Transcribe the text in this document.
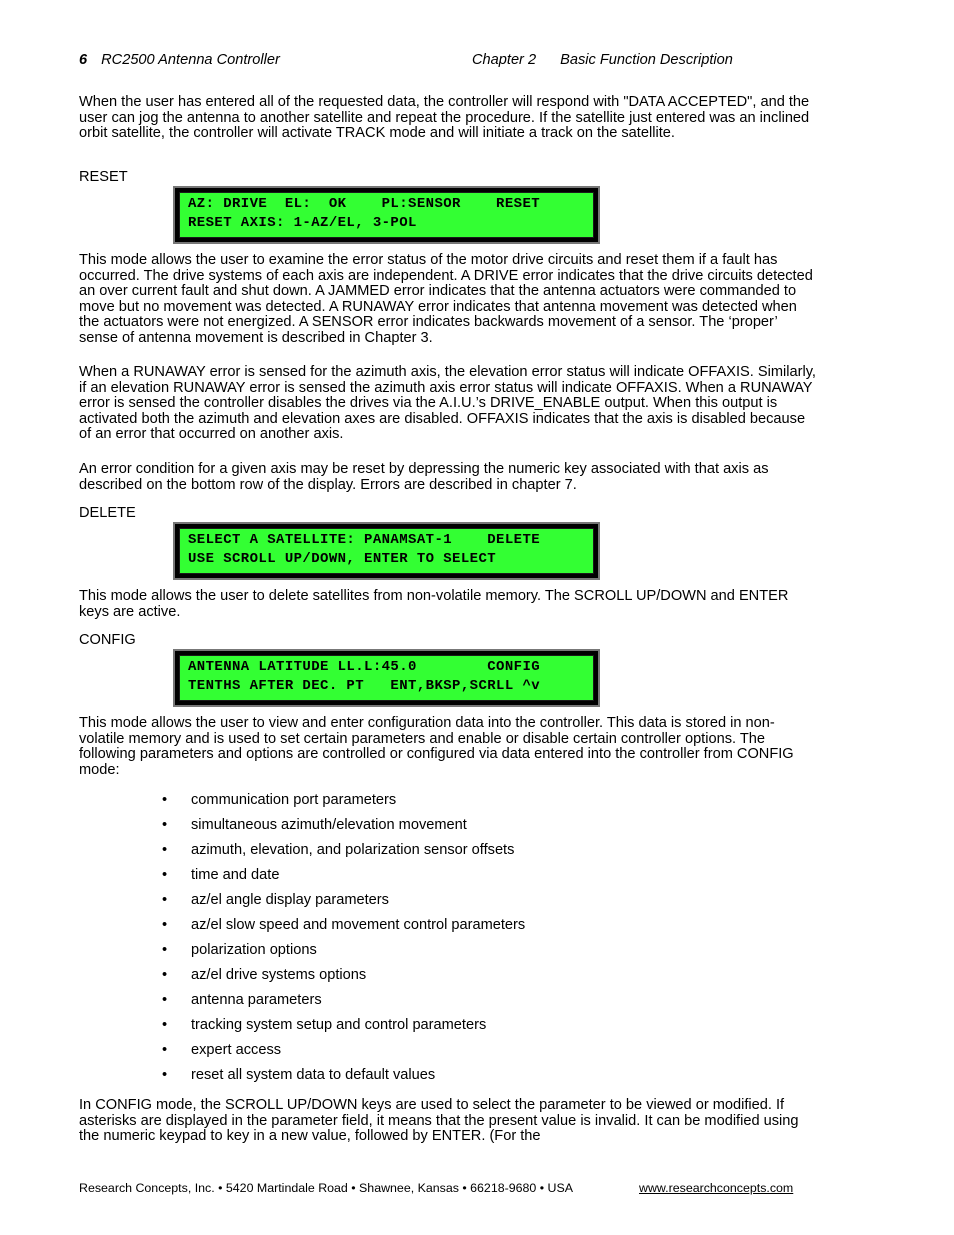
6 RC2500 Antenna Controller	Chapter 2 Basic Function Description

When the user has entered all of the requested data, the controller will respond with "DATA ACCEPTED", and the user can jog the antenna to another satellite and repeat the procedure. If the satellite just entered was an inclined orbit satellite, the controller will activate TRACK mode and will initiate a track on the satellite.

RESET

AZ: DRIVE  EL:  OK    PL:SENSOR    RESET
RESET AXIS: 1-AZ/EL, 3-POL

This mode allows the user to examine the error status of the motor drive circuits and reset them if a fault has occurred. The drive systems of each axis are independent. A DRIVE error indicates that the drive circuits detected an over current fault and shut down. A JAMMED error indicates that the antenna actuators were commanded to move but no movement was detected. A RUNAWAY error indicates that antenna movement was detected when the actuators were not energized. A SENSOR error indicates backwards movement of a sensor. The ‘proper’ sense of antenna movement is described in Chapter 3.

When a RUNAWAY error is sensed for the azimuth axis, the elevation error status will indicate OFFAXIS. Similarly, if an elevation RUNAWAY error is sensed the azimuth axis error status will indicate OFFAXIS. When a RUNAWAY error is sensed the controller disables the drives via the A.I.U.’s DRIVE_ENABLE output. When this output is activated both the azimuth and elevation axes are disabled. OFFAXIS indicates that the axis is disabled because of an error that occurred on another axis.

An error condition for a given axis may be reset by depressing the numeric key associated with that axis as described on the bottom row of the display. Errors are described in chapter 7.

DELETE

SELECT A SATELLITE: PANAMSAT-1    DELETE
USE SCROLL UP/DOWN, ENTER TO SELECT

This mode allows the user to delete satellites from non-volatile memory. The SCROLL UP/DOWN and ENTER keys are active.

CONFIG

ANTENNA LATITUDE LL.L:45.0        CONFIG
TENTHS AFTER DEC. PT   ENT,BKSP,SCRLL ^v

This mode allows the user to view and enter configuration data into the controller. This data is stored in non-volatile memory and is used to set certain parameters and enable or disable certain controller options. The following parameters and options are controlled or configured via data entered into the controller from CONFIG mode:

• communication port parameters
• simultaneous azimuth/elevation movement
• azimuth, elevation, and polarization sensor offsets
• time and date
• az/el angle display parameters
• az/el slow speed and movement control parameters
• polarization options
• az/el drive systems options
• antenna parameters
• tracking system setup and control parameters
• expert access
• reset all system data to default values

In CONFIG mode, the SCROLL UP/DOWN keys are used to select the parameter to be viewed or modified. If asterisks are displayed in the parameter field, it means that the present value is invalid. It can be modified using the numeric keypad to key in a new value, followed by ENTER. (For the

Research Concepts, Inc. • 5420 Martindale Road • Shawnee, Kansas • 66218-9680 • USA	www.researchconcepts.com
